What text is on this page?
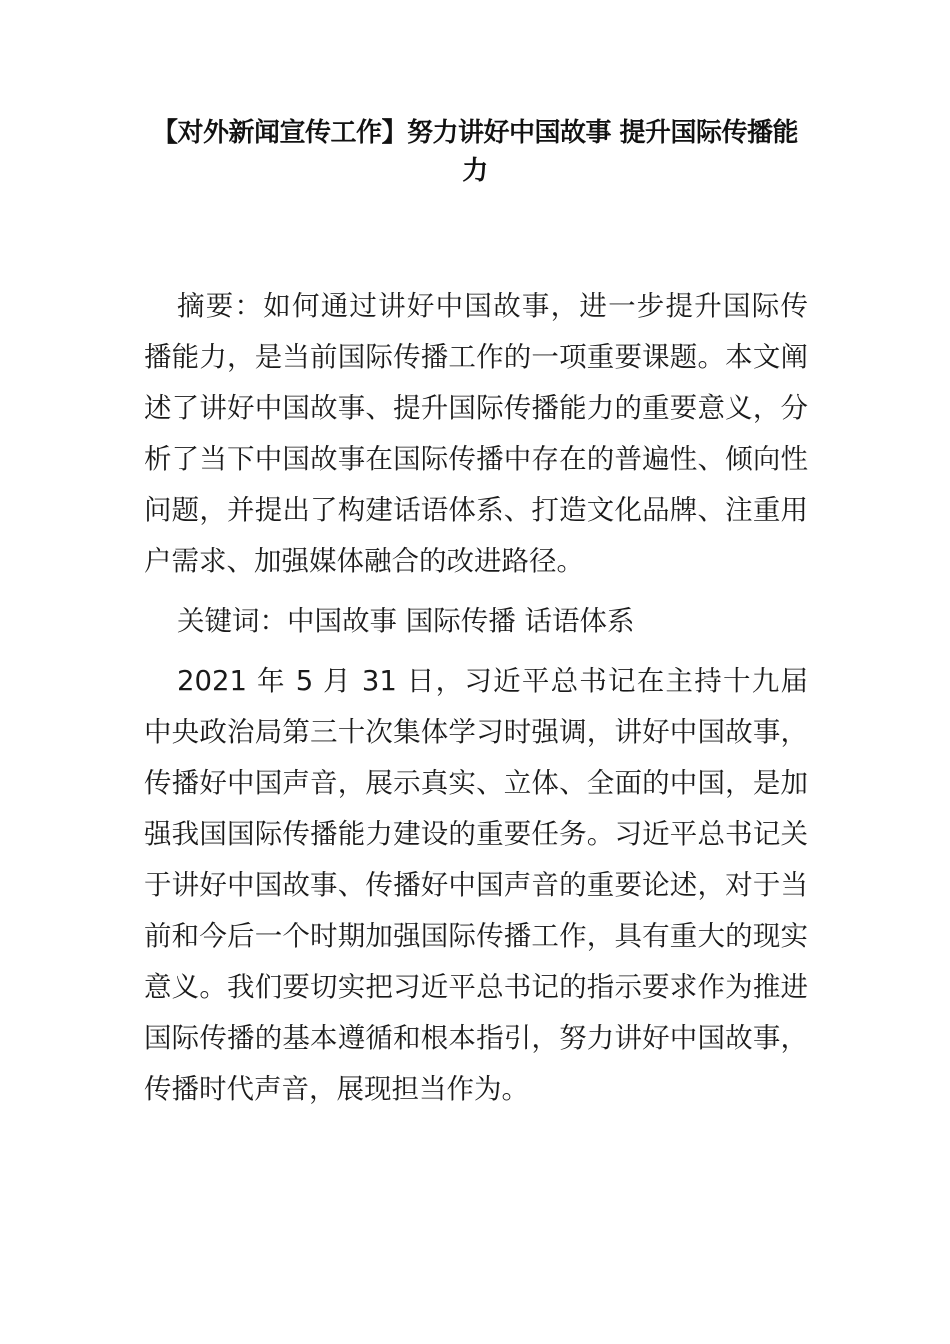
【对外新闻宣传工作】努力讲好中国故事 提升国际传播能力

摘要：如何通过讲好中国故事，进一步提升国际传播能力，是当前国际传播工作的一项重要课题。本文阐述了讲好中国故事、提升国际传播能力的重要意义，分析了当下中国故事在国际传播中存在的普遍性、倾向性问题，并提出了构建话语体系、打造文化品牌、注重用户需求、加强媒体融合的改进路径。

关键词：中国故事 国际传播 话语体系

2021 年 5 月 31 日，习近平总书记在主持十九届中央政治局第三十次集体学习时强调，讲好中国故事，传播好中国声音，展示真实、立体、全面的中国，是加强我国国际传播能力建设的重要任务。习近平总书记关于讲好中国故事、传播好中国声音的重要论述，对于当前和今后一个时期加强国际传播工作，具有重大的现实意义。我们要切实把习近平总书记的指示要求作为推进国际传播的基本遵循和根本指引，努力讲好中国故事，传播时代声音，展现担当作为。
